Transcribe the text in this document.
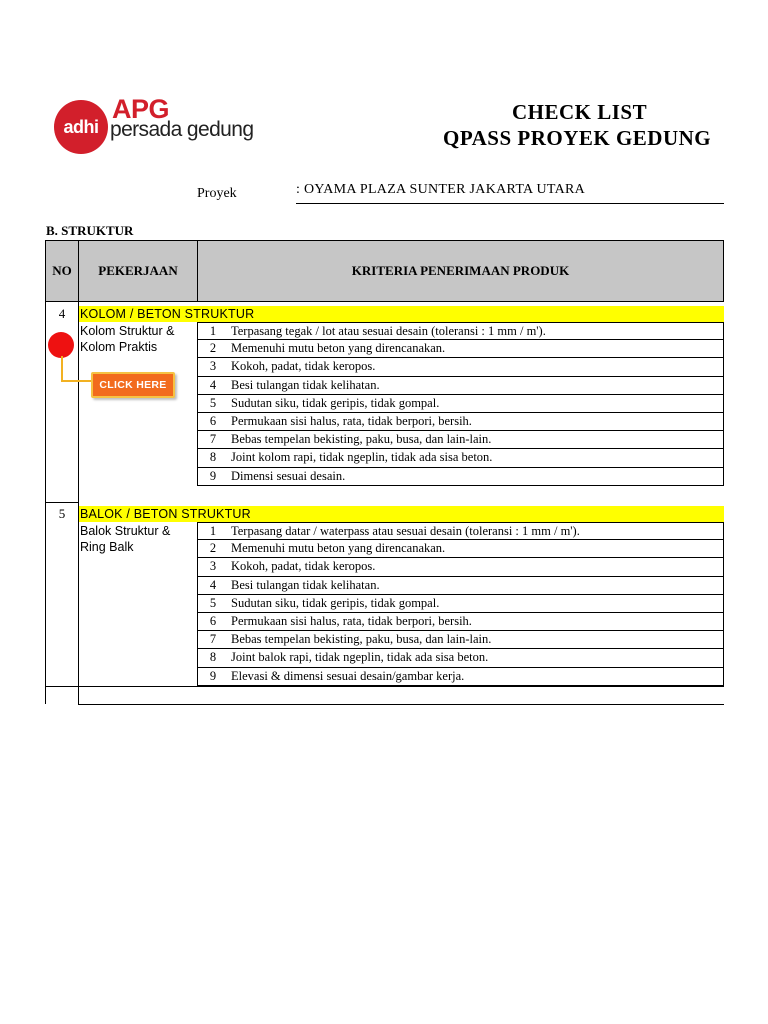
adhi
APG
persada gedung
CHECK LIST
QPASS PROYEK GEDUNG
Proyek	: OYAMA PLAZA SUNTER JAKARTA UTARA
B. STRUKTUR
NO	PEKERJAAN	KRITERIA PENERIMAAN PRODUK
4	KOLOM / BETON STRUKTUR
Kolom Struktur &
Kolom Praktis
1	Terpasang tegak / lot atau sesuai desain (toleransi : 1 mm / m').
2	Memenuhi mutu beton yang direncanakan.
3	Kokoh, padat, tidak keropos.
4	Besi tulangan tidak kelihatan.
5	Sudutan siku, tidak geripis, tidak gompal.
6	Permukaan sisi halus, rata, tidak berpori, bersih.
7	Bebas tempelan bekisting, paku, busa, dan lain-lain.
8	Joint kolom rapi, tidak ngeplin, tidak ada sisa beton.
9	Dimensi sesuai desain.
5	BALOK / BETON STRUKTUR
Balok Struktur &
Ring Balk
1	Terpasang datar / waterpass atau sesuai desain (toleransi : 1 mm / m').
2	Memenuhi mutu beton yang direncanakan.
3	Kokoh, padat, tidak keropos.
4	Besi tulangan tidak kelihatan.
5	Sudutan siku, tidak geripis, tidak gompal.
6	Permukaan sisi halus, rata, tidak berpori, bersih.
7	Bebas tempelan bekisting, paku, busa, dan lain-lain.
8	Joint balok rapi, tidak ngeplin, tidak ada sisa beton.
9	Elevasi & dimensi sesuai desain/gambar kerja.
CLICK HERE
